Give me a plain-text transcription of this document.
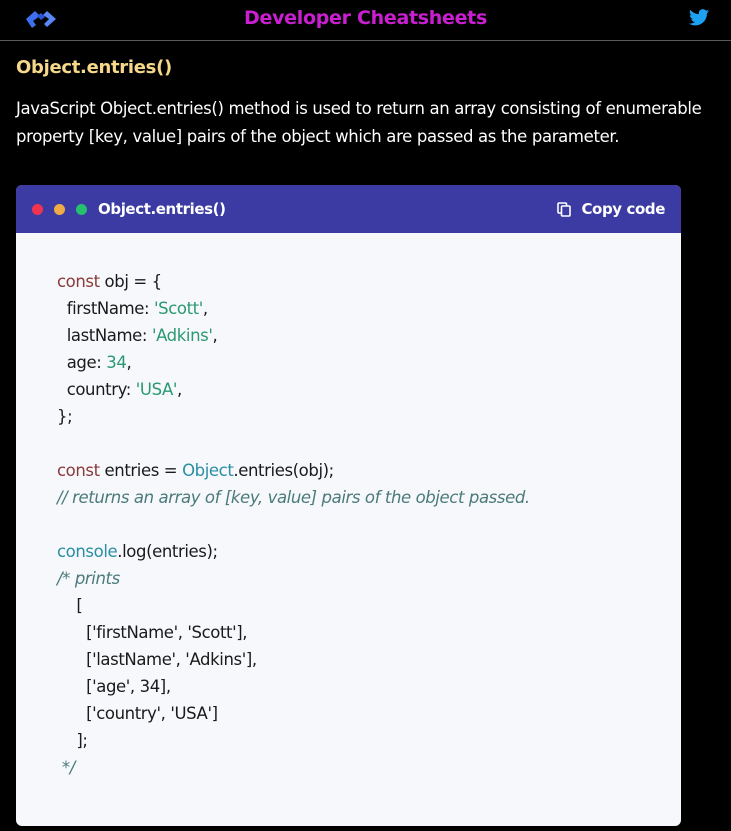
Developer Cheatsheets
Object.entries()

JavaScript Object.entries() method is used to return an array consisting of enumerable property [key, value] pairs of the object which are passed as the parameter.

Object.entries()	Copy code
const obj = {
firstName: 'Scott',
lastName: 'Adkins',
age: 34,
country: 'USA',
};
const entries = Object.entries(obj);
// returns an array of [key, value] pairs of the object passed.
console.log(entries);
/* prints
[
['firstName', 'Scott'],
['lastName', 'Adkins'],
['age', 34],
['country', 'USA']
];
*/
